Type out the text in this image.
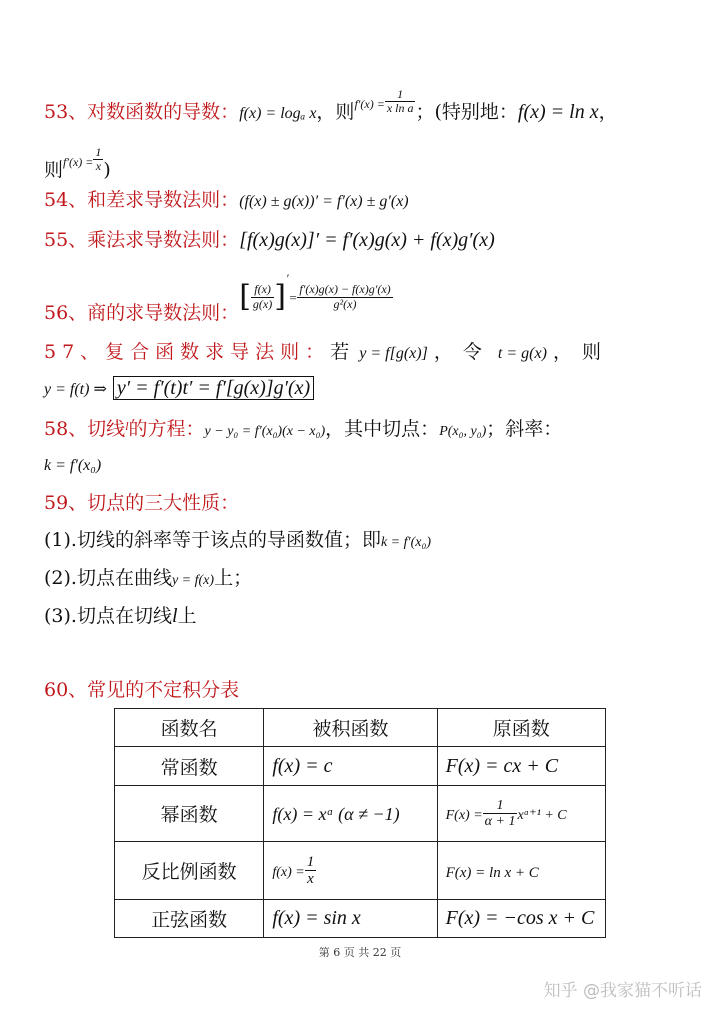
53、对数函数的导数：f(x) = logₐ x，则$^{f'(x) =} \frac{1}{\text{x ln a}}$ ；(特别地：f(x) = ln x，
则$^{f'(x) =} \frac{1}{x}$ )
54、和差求导数法则：(f(x) ± g(x))′ = f′(x) ± g′(x)
55、乘法求导数法则：[f(x)g(x)]′ = f′(x)g(x) + f(x)g′(x)
56、商的求导数法则：[ $\frac{f(x)}{g(x)} ]'= \frac{f'(x)g(x) - f(x)g'(x)}{\text{g²(x)}}$
57、复合函数求导法则：若 y = f[g(x)] ，令 t = g(x) ，则
y = f(t) ⇒ y′ = f′(t)t′ = f′[g(x)]g′(x)
58、切线$^l$的方程：y − y₀ = f′(x₀)(x − x₀)，其中切点：P(x₀, y₀)；斜率：
k = f′(x₀)
59、切点的三大性质：
(1).切线的斜率等于该点的导函数值；即k = f′(x₀)
(2).切点在曲线y = f(x)上；
(3).切点在切线l上
60、常见的不定积分表
函数名	被积函数	原函数
常函数	f(x) = c	F(x) = cx + C
幂函数	f(x) = xᵅ (α ≠ −1)	$F(x) = \frac{1}{\alpha + 1}$ xᵅ⁺¹ + C
反比例函数	$f(x) = \frac{1}{x}$	F(x) = ln x + C
正弦函数	f(x) = sin x	F(x) = −cos x + C
第 6 页 共 22 页
知乎 @我家猫不听话
